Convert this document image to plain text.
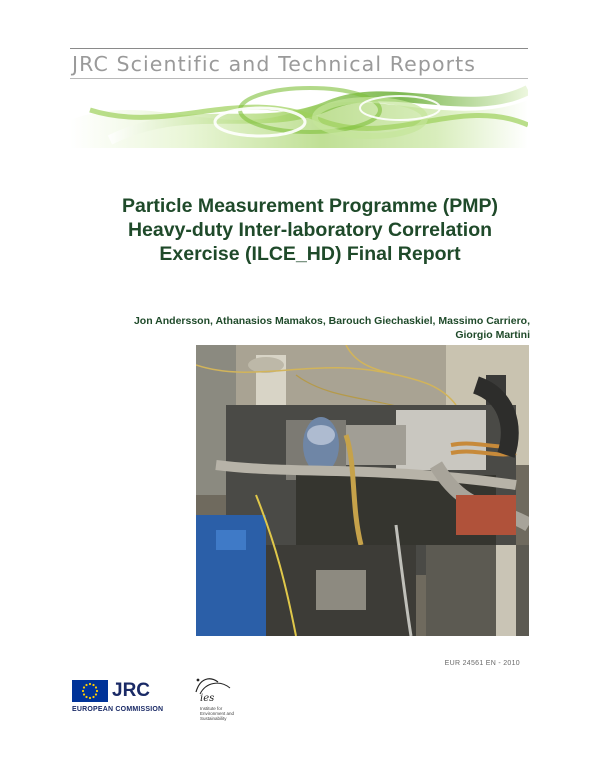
JRC Scientific and Technical Reports
Particle Measurement Programme (PMP)
Heavy-duty Inter-laboratory Correlation
Exercise (ILCE_HD) Final Report
Jon Andersson, Athanasios Mamakos, Barouch Giechaskiel, Massimo Carriero,
Giorgio Martini
EUR 24561 EN - 2010
JRC
EUROPEAN COMMISSION
ies
Institute for
Environment and
Sustainability
